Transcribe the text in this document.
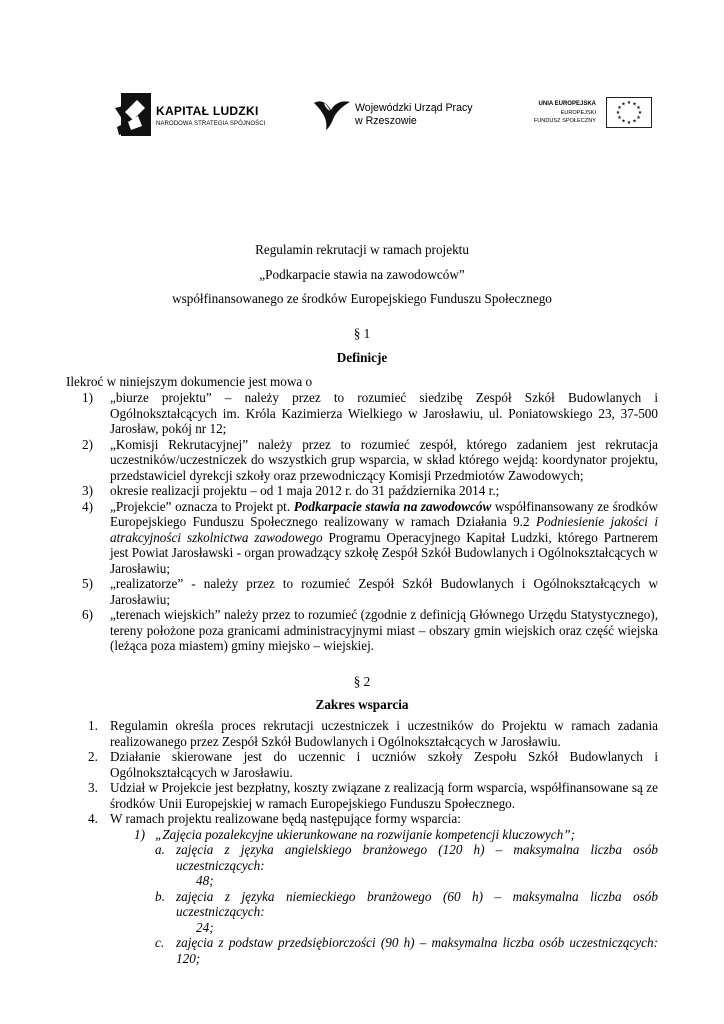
KAPITAŁ LUDZKI
NARODOWA STRATEGIA SPÓJNOŚCI
Wojewódzki Urząd Pracy
w Rzeszowie
UNIA EUROPEJSKA
EUROPEJSKI
FUNDUSZ SPOŁECZNY
★ ★
★
★
★
★
★
★
★
★
★
★
Regulamin rekrutacji w ramach projektu
„Podkarpacie stawia na zawodowców”
współfinansowanego ze środków Europejskiego Funduszu Społecznego
§ 1
Definicje
Ilekroć w niniejszym dokumencie jest mowa o
1) „biurze projektu” – należy przez to rozumieć siedzibę Zespół Szkół Budowlanych i Ogólnokształcących im. Króla Kazimierza Wielkiego w Jarosławiu, ul. Poniatowskiego 23, 37-500 Jarosław, pokój nr 12;
2) „Komisji Rekrutacyjnej” należy przez to rozumieć zespół, którego zadaniem jest rekrutacja uczestników/uczestniczek do wszystkich grup wsparcia, w skład którego wejdą: koordynator projektu, przedstawiciel dyrekcji szkoły oraz przewodniczący Komisji Przedmiotów Zawodowych;
3) okresie realizacji projektu – od 1 maja 2012 r. do 31 października 2014 r.;
4) „Projekcie” oznacza to Projekt pt. Podkarpacie stawia na zawodowców współfinansowany ze środków Europejskiego Funduszu Społecznego realizowany w ramach Działania 9.2 Podniesienie jakości i atrakcyjności szkolnictwa zawodowego Programu Operacyjnego Kapitał Ludzki, którego Partnerem jest Powiat Jarosławski - organ prowadzący szkołę Zespół Szkół Budowlanych i Ogólnokształcących w Jarosławiu;
5) „realizatorze” - należy przez to rozumieć Zespół Szkół Budowlanych i Ogólnokształcących w Jarosławiu;
6) „terenach wiejskich” należy przez to rozumieć (zgodnie z definicją Głównego Urzędu Statystycznego), tereny położone poza granicami administracyjnymi miast – obszary gmin wiejskich oraz część wiejska (leżąca poza miastem) gminy miejsko – wiejskiej.
§ 2
Zakres wsparcia
1. Regulamin określa proces rekrutacji uczestniczek i uczestników do Projektu w ramach zadania realizowanego przez Zespół Szkół Budowlanych i Ogólnokształcących w Jarosławiu.
2. Działanie skierowane jest do uczennic i uczniów szkoły Zespołu Szkół Budowlanych i Ogólnokształcących w Jarosławiu.
3. Udział w Projekcie jest bezpłatny, koszty związane z realizacją form wsparcia, współfinansowane są ze środków Unii Europejskiej w ramach Europejskiego Funduszu Społecznego.
4. W ramach projektu realizowane będą następujące formy wsparcia:
1) „Zajęcia pozalekcyjne ukierunkowane na rozwijanie kompetencji kluczowych”;
a. zajęcia z języka angielskiego branżowego (120 h) – maksymalna liczba osób uczestniczących:
48;
b. zajęcia z języka niemieckiego branżowego (60 h) – maksymalna liczba osób uczestniczących:
24;
c. zajęcia z podstaw przedsiębiorczości (90 h) – maksymalna liczba osób uczestniczących: 120;
